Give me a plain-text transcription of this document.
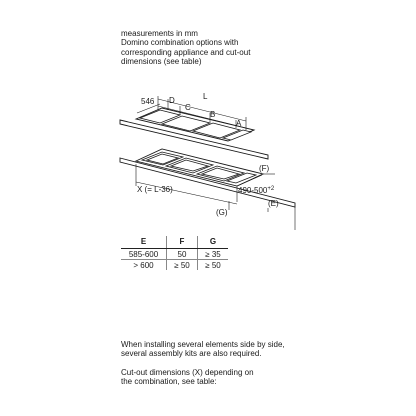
measurements in mm
Domino combination options with
corresponding appliance and cut-out
dimensions (see table)
546 D	L
C
B
A
(F)
$490-500^{+2}$
(E)
X (= L-36)
(G)
E	F	G
585-600	50	≥ 35
> 600	≥ 50	≥ 50
When installing several elements side by side,
several assembly kits are also required.
Cut-out dimensions (X) depending on
the combination, see table:
